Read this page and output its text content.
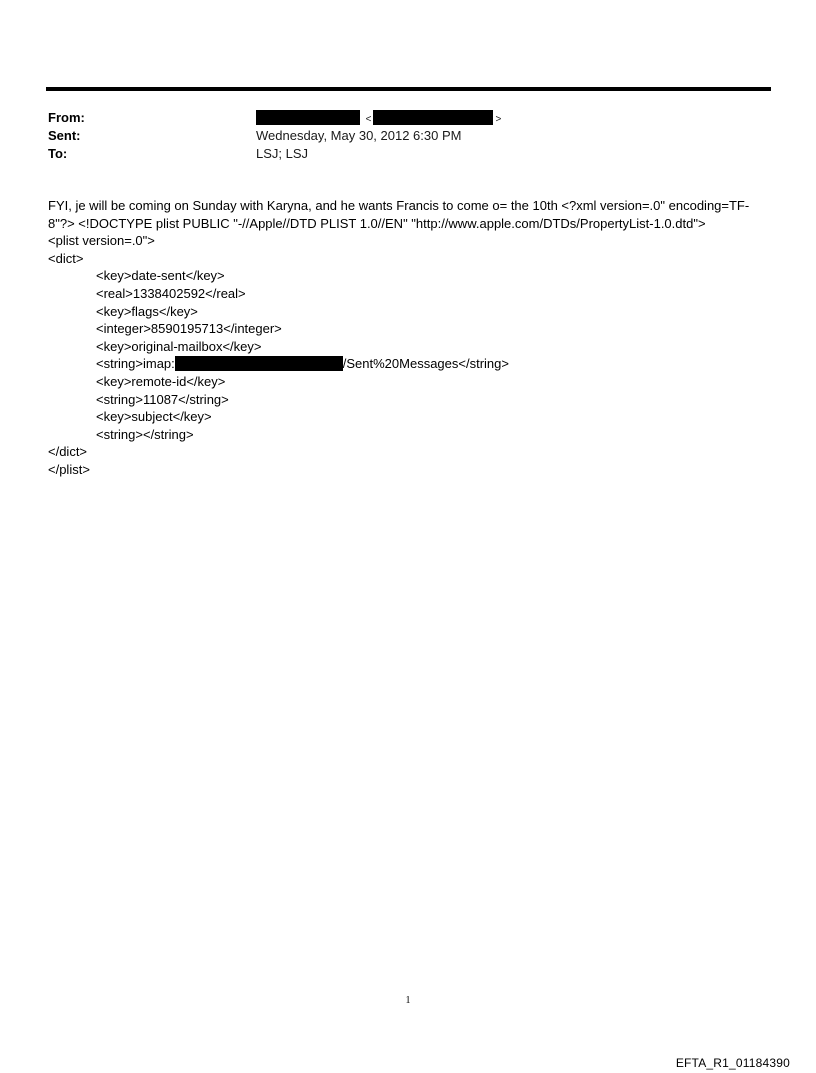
From:	<	>
Sent:	Wednesday, May 30, 2012 6:30 PM
To:	LSJ; LSJ
FYI, je will be coming on Sunday with Karyna, and he wants Francis to come o= the 10th <?xml version=.0" encoding=TF-
8"?> <!DOCTYPE plist PUBLIC "-//Apple//DTD PLIST 1.0//EN" "http://www.apple.com/DTDs/PropertyList-1.0.dtd">
<plist version=.0">
<dict>
<key>date-sent</key>
<real>1338402592</real>
<key>flags</key>
<integer>8590195713</integer>
<key>original-mailbox</key>
<string>imap:	/Sent%20Messages</string>
<key>remote-id</key>
<string>11087</string>
<key>subject</key>
<string></string>
</dict>
</plist>
1
EFTA_R1_01184390
